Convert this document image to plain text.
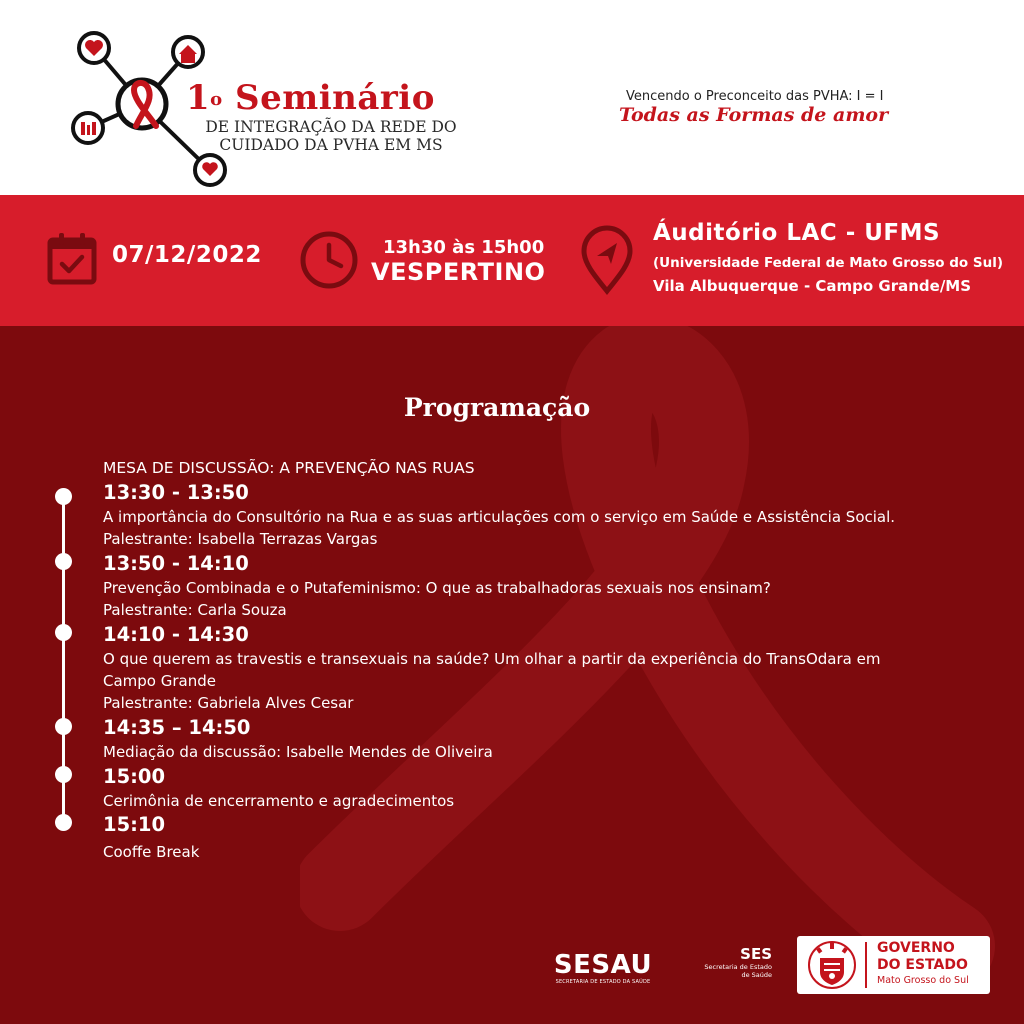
1$^o$ Seminário
DE INTEGRAÇÃO DA REDE DO
CUIDADO DA PVHA EM MS
Vencendo o Preconceito das PVHA: I = I
Todas as Formas de amor
07/12/2022	13h30 às 15h00
VESPERTINO
Áuditório LAC - UFMS
(Universidade Federal de Mato Grosso do Sul)
Vila Albuquerque - Campo Grande/MS
Programação
MESA DE DISCUSSÃO: A PREVENÇÃO NAS RUAS
13:30 - 13:50
A importância do Consultório na Rua e as suas articulações com o serviço em Saúde e Assistência Social.
Palestrante: Isabella Terrazas Vargas
13:50 - 14:10
Prevenção Combinada e o Putafeminismo: O que as trabalhadoras sexuais nos ensinam?
Palestrante: Carla Souza
14:10 - 14:30
O que querem as travestis e transexuais na saúde? Um olhar a partir da experiência do TransOdara em
Campo Grande
Palestrante: Gabriela Alves Cesar
14:35 – 14:50
Mediação da discussão: Isabelle Mendes de Oliveira
15:00
Cerimônia de encerramento e agradecimentos
15:10
Cooffe Break
SESAU
SECRETARIA DE ESTADO DA SAÚDE
SES
Secretaria de Estado
de Saúde
GOVERNO
DO ESTADO
Mato Grosso do Sul
